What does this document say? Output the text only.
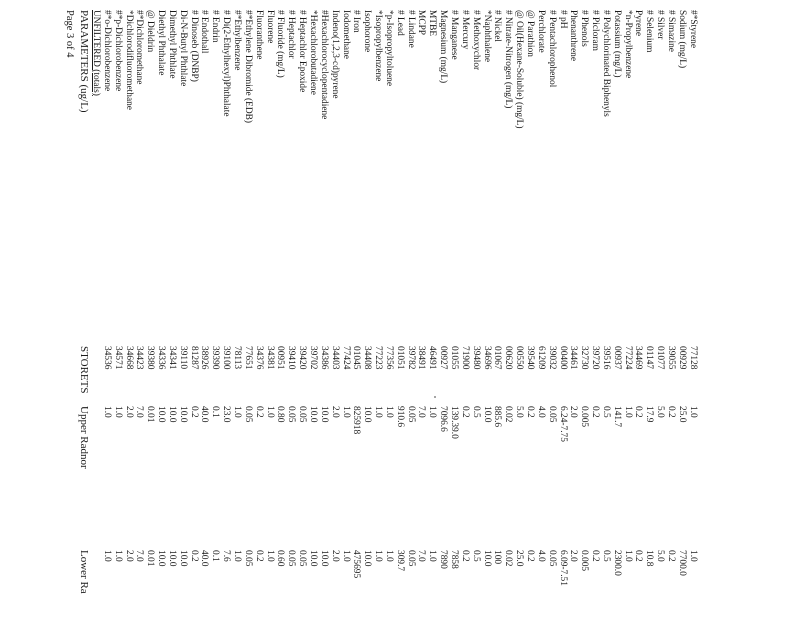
Page 3 of 4 PARAMETERS (ug/L)
STORETS
Upper Radnor
Lower Ra
UNFILTERED (totals) #*o-Dichlorobenzene
34536
1.0
1.0
#*p-Dichlorobenzene
34571
1.0
1.0
*Dichlorodifluoromethane
34668
2.0
2.0
#*Dichloromethane
34423
7.0
7.0
@ Dieldrin
39380
0.01
0.01
Diethyl Phthalate
34336
10.0
10.0
Dimethyl Phthlate
34341
10.0
10.0
Di-N-Butyl Phthlate
39110
10.0
10.0
# Dinoseb (DNBP)
81287
0.2
0.2
# Endothall
38926
40.0
40.0
# Endrin
39390
0.1
0.1
# Di(2-Ethylhexyl)Phthalate
39100
23.0
7.6
#*Ethylbenzene
78113
1.0
1.0
#*Ethylene Dibromide (EDB)
77651
0.05
0.05
Fluoranthene
34376
0.2
0.2
Fluorene
34381
1.0
1.0
# Fluoride (mg/L)
00951
0.80
0.60
# Heptachlor
39410
0.05
0.05
# Heptachlor Epoxide
39420
0.05
0.05
*Hexachlorobutadiene
39702
10.0
10.0
#Hexachlorocyclopentadiene
34386
10.0
10.0
Indeno(1,2,3-cd)pyrene
34403
2.0
2.0
Iodomethane
77424
1.0
1.0
# Iron
01045
825918
475695
Isophorone
34408
10.0
10.0
*Isopropylbenzene
77223
1.0
1.0
*p-Isopropyltoluene
77356
1.0
1.0
# Lead
01051
910.6
309.7
# Lindane
39782
0.05
0.05
MCPP
38491
7.0
7.0
MTBE
46491
1.0
1.0
Magnesium (mg/L)
00927
7096.6
7890
# Manganese
01055
139.39.0
7858
# Mercury
71900
0.2
0.2
# Methoxychlor
39480
0.5
0.5
*Naphthalene
34696
10.0
10.0
# Nickel
01067
885.6
100
# Nitrate-Nitrogen (mg/L)
00620
0.02
0.02
@ Oil(Hexane-Soluble) (mg/L)
00550
5.0
25.0
@ Parathion
39540
0.2
0.2
Perchlorate
61209
4.0
4.0
# Pentachlorophenol
39032
0.05
0.05
# pH
00400
6.24-7.75
6.09-7.51
Phenanthrene
34461
2.0
2.0
# Phenols
32730
0.005
0.005
# Picloram
39720
0.2
0.2
# Polychlorinated Biphenyls
39516
0.5
0.5
Potassium (mg/L)
00937
141.7
2300.0
*n-Propylbenzene
77224
1.0
1.0
Pyrene
34469
0.2
0.2
# Selenium
01147
17.9
10.8
# Silver
01077
5.0
5.0
# Simazine
39055
0.2
0.2
Sodium (mg/L)
00929
25.0
7700.0
#*Styrene
77128
1.0
1.0
